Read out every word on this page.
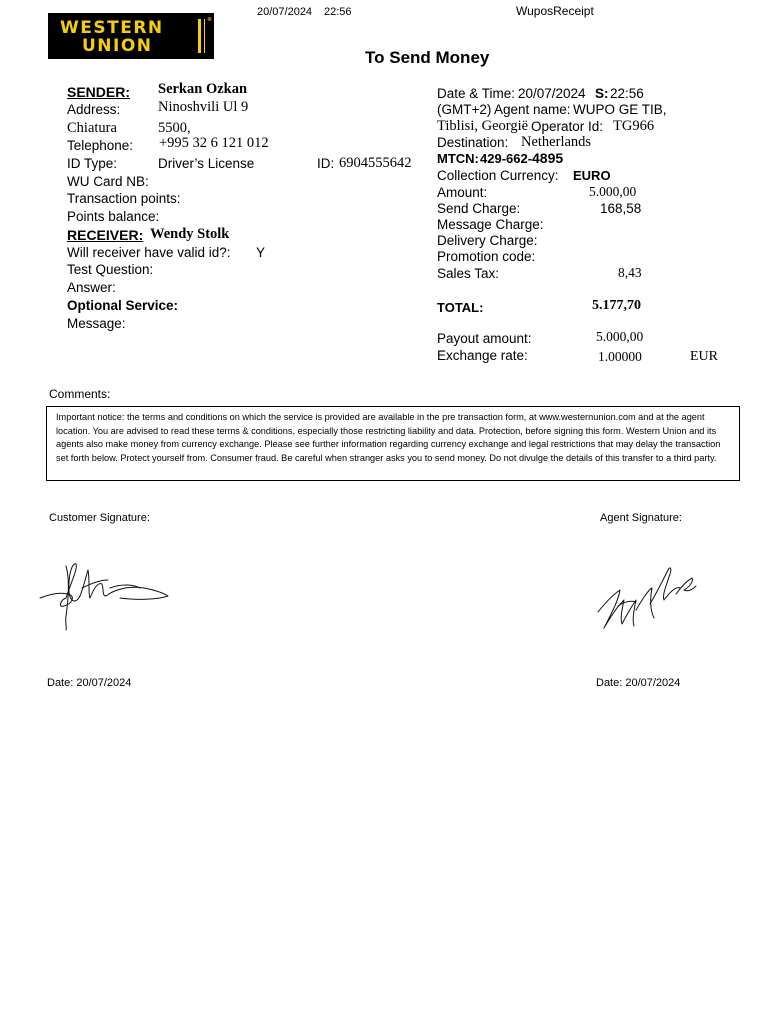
WESTERN
UNION
®
20/07/2024 22:56	WuposReceipt
To Send Money
SENDER: Serkan Ozkan
Address:	Ninoshvili Ul 9
Chiatura	5500,
Telephone: +995 32 6 121 012
ID Type:	Driver’s License	ID: 6904555642
WU Card NB:
Transaction points:
Points balance:
RECEIVER: Wendy Stolk
Will receiver have valid id?: Y
Test Question:
Answer:
Optional Service:
Message:
Date & Time: 20/07/2024 S: 22:56
(GMT+2) Agent name: WUPO GE TIB,
Tiblisi, Georgië Operator Id: TG966
Destination: Netherlands
MTCN: 429-662- 4895
Collection Currency: EURO
Amount:	5.000,00
Send Charge:	168,58
Message Charge:
Delivery Charge:
Promotion code:
Sales Tax:	8,43
TOTAL:	5.177,70
Payout amount:	5.000,00
Exchange rate:	1.00000	EUR
Comments:
Important notice: the terms and conditions on which the service is provided are available in the pre transaction form, at www.westernunion.com and at the agent location. You are advised to read these terms & conditions, especially those restricting liability and data. Protection, before signing this form. Western Union and its agents also make money from currency exchange. Please see further information regarding currency exchange and legal restrictions that may delay the transaction set forth below. Protect yourself from. Consumer fraud. Be careful when stranger asks you to send money. Do not divulge the details of this transfer to a third party.
Customer Signature:	Agent Signature:
Date: 20/07/2024	Date: 20/07/2024
